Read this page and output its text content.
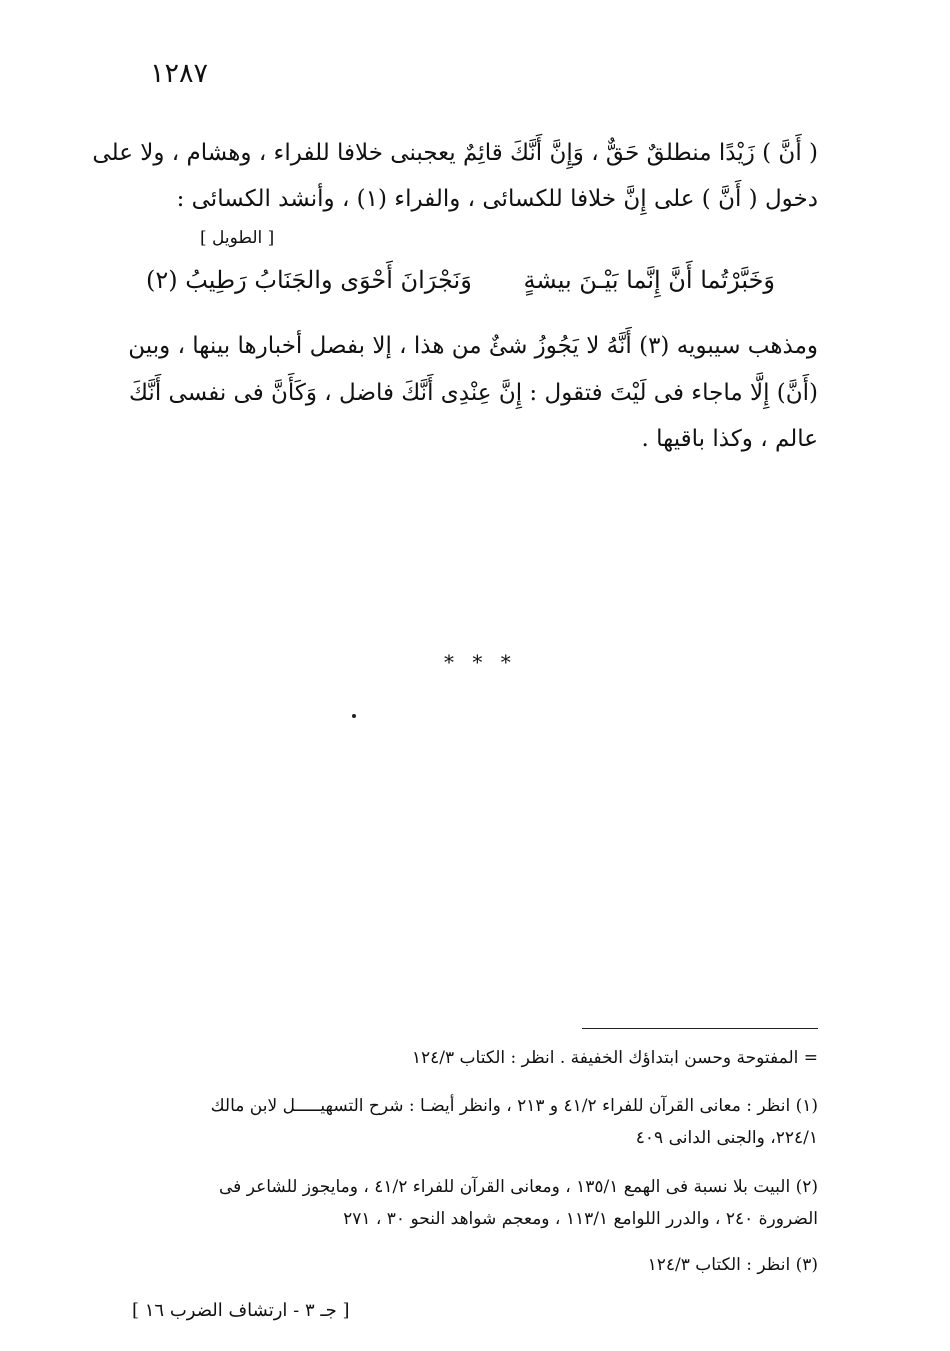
١٢٨٧
( أَنَّ ) زَيْدًا منطلقٌ حَقٌّ ، وَإِنَّ أَنَّكَ قائِمٌ يعجبنى خلافا للفراء ، وهشام ، ولا على
دخول ( أَنَّ ) على إِنَّ خلافا للكسائى ، والفراء (١) ، وأنشد الكسائى :
[ الطويل ]
وَخَبَّرْتُما أَنَّ إِنَّما بَيْـنَ بيشةٍ وَنَجْرَانَ أَحْوَى والجَنَابُ رَطِيبُ (٢)
ومذهب سيبويه (٣) أَنَّهُ لا يَجُوزُ شئٌ من هذا ، إلا بفصل أخبارها بينها ، وبين
(أَنَّ) إِلَّا ماجاء فى لَيْتَ فتقول : إِنَّ عِنْدِى أَنَّكَ فاضل ، وَكَأَنَّ فى نفسى أَنَّكَ
عالم ، وكذا باقيها .
* * *
= المفتوحة وحسن ابتداؤك الخفيفة . انظر : الكتاب ١٢٤/٣
(١) انظر : معانى القرآن للفراء ٤١/٢ و ٢١٣ ، وانظر أيضـا : شرح التسهيـــــل لابن مالك
٢٢٤/١، والجنى الدانى ٤٠٩
(٢) البيت بلا نسبة فى الهمع ١٣٥/١ ، ومعانى القرآن للفراء ٤١/٢ ، ومايجوز للشاعر فى
الضرورة ٢٤٠ ، والدرر اللوامع ١١٣/١ ، ومعجم شواهد النحو ٣٠ ، ٢٧١
(٣) انظر : الكتاب ١٢٤/٣
[ جـ ٣ - ارتشاف الضرب ١٦ ]
